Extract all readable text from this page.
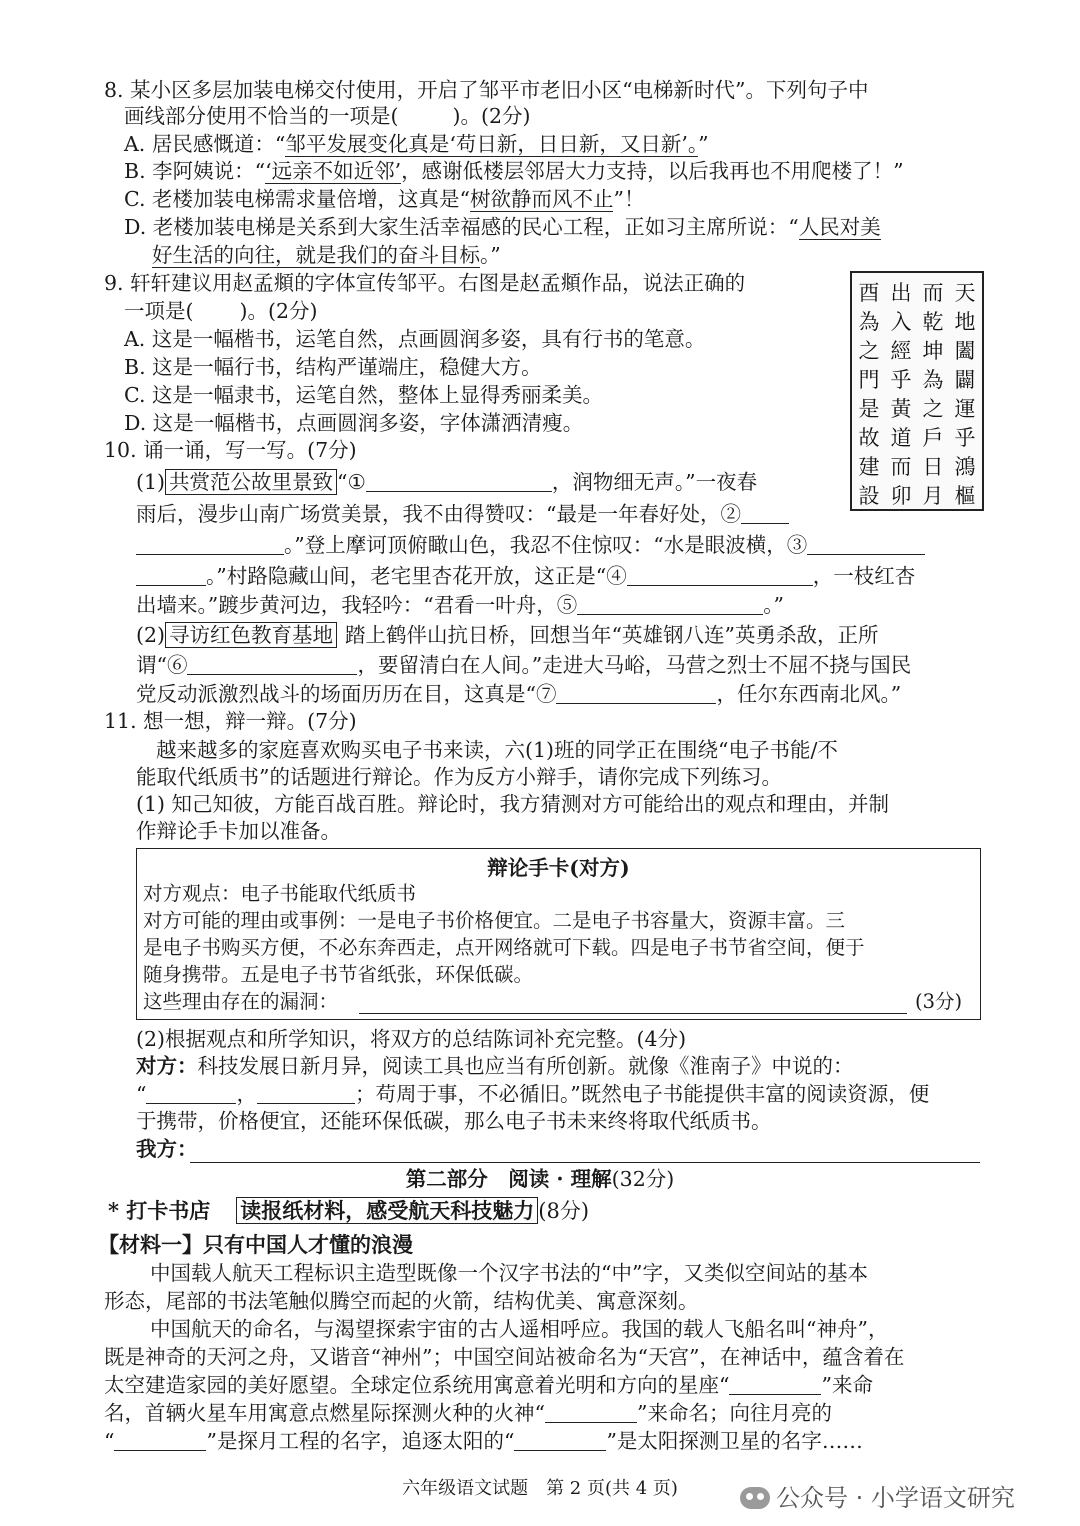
8. 某小区多层加装电梯交付使用，开启了邹平市老旧小区“电梯新时代”。下列句子中
画线部分使用不恰当的一项是(	)。(2分)
A. 居民感慨道：“邹平发展变化真是‘苟日新，日日新，又日新’。”
B. 李阿姨说：“‘远亲不如近邻’，感谢低楼层邻居大力支持，以后我再也不用爬楼了！”
C. 老楼加装电梯需求量倍增，这真是“树欲静而风不止”！
D. 老楼加装电梯是关系到大家生活幸福感的民心工程，正如习主席所说：“人民对美
好生活的向往，就是我们的奋斗目标。”
9. 轩轩建议用赵孟頫的字体宣传邹平。右图是赵孟頫作品，说法正确的
一项是( )。(2分)
A. 这是一幅楷书，运笔自然，点画圆润多姿，具有行书的笔意。
B. 这是一幅行书，结构严谨端庄，稳健大方。
C. 这是一幅隶书，运笔自然，整体上显得秀丽柔美。
D. 这是一幅楷书，点画圆润多姿，字体潇洒清瘦。
天地闔闢運乎鴻樞
而乾坤為之戶日月
出入經乎黃道而卯
酉為之門是故建設
10. 诵一诵，写一写。(7分)
(1) 共赏范公故里景致 “①	，润物细无声。”一夜春
雨后，漫步山南广场赏美景，我不由得赞叹：“最是一年春好处，②
。”登上摩诃顶俯瞰山色，我忍不住惊叹：“水是眼波横，③
。”村路隐藏山间，老宅里杏花开放，这正是“④	，一枝红杏
出墙来。”踱步黄河边，我轻吟：“君看一叶舟，⑤	。”
(2) 寻访红色教育基地 踏上鹤伴山抗日桥，回想当年“英雄钢八连”英勇杀敌，正所
谓“⑥	，要留清白在人间。”走进大马峪，马营之烈士不屈不挠与国民
党反动派激烈战斗的场面历历在目，这真是“⑦	，任尔东西南北风。”
11. 想一想，辩一辩。(7分)
越来越多的家庭喜欢购买电子书来读，六(1)班的同学正在围绕“电子书能/不
能取代纸质书”的话题进行辩论。作为反方小辩手，请你完成下列练习。
(1) 知己知彼，方能百战百胜。辩论时，我方猜测对方可能给出的观点和理由，并制
作辩论手卡加以准备。
辩论手卡(对方)
对方观点：电子书能取代纸质书
对方可能的理由或事例：一是电子书价格便宜。二是电子书容量大，资源丰富。三
是电子书购买方便，不必东奔西走，点开网络就可下载。四是电子书节省空间，便于
随身携带。五是电子书节省纸张，环保低碳。
这些理由存在的漏洞：	(3分)
(2)根据观点和所学知识，将双方的总结陈词补充完整。(4分)
对方：科技发展日新月异，阅读工具也应当有所创新。就像《淮南子》中说的：
“	，	；苟周于事，不必循旧。”既然电子书能提供丰富的阅读资源，便
于携带，价格便宜，还能环保低碳，那么电子书未来终将取代纸质书。
我方：
第二部分　阅读 · 理解(32分)
* 打卡书店 读报纸材料，感受航天科技魅力 (8分)
【材料一】只有中国人才懂的浪漫
中国载人航天工程标识主造型既像一个汉字书法的“中”字，又类似空间站的基本
形态，尾部的书法笔触似腾空而起的火箭，结构优美、寓意深刻。
中国航天的命名，与渴望探索宇宙的古人遥相呼应。我国的载人飞船名叫“神舟”，
既是神奇的天河之舟，又谐音“神州”；中国空间站被命名为“天宫”，在神话中，蕴含着在
太空建造家园的美好愿望。全球定位系统用寓意着光明和方向的星座“	”来命
名，首辆火星车用寓意点燃星际探测火种的火神“	”来命名；向往月亮的
“	”是探月工程的名字，追逐太阳的“	”是太阳探测卫星的名字……
六年级语文试题　第 2 页(共 4 页)	公众号 · 小学语文研究
